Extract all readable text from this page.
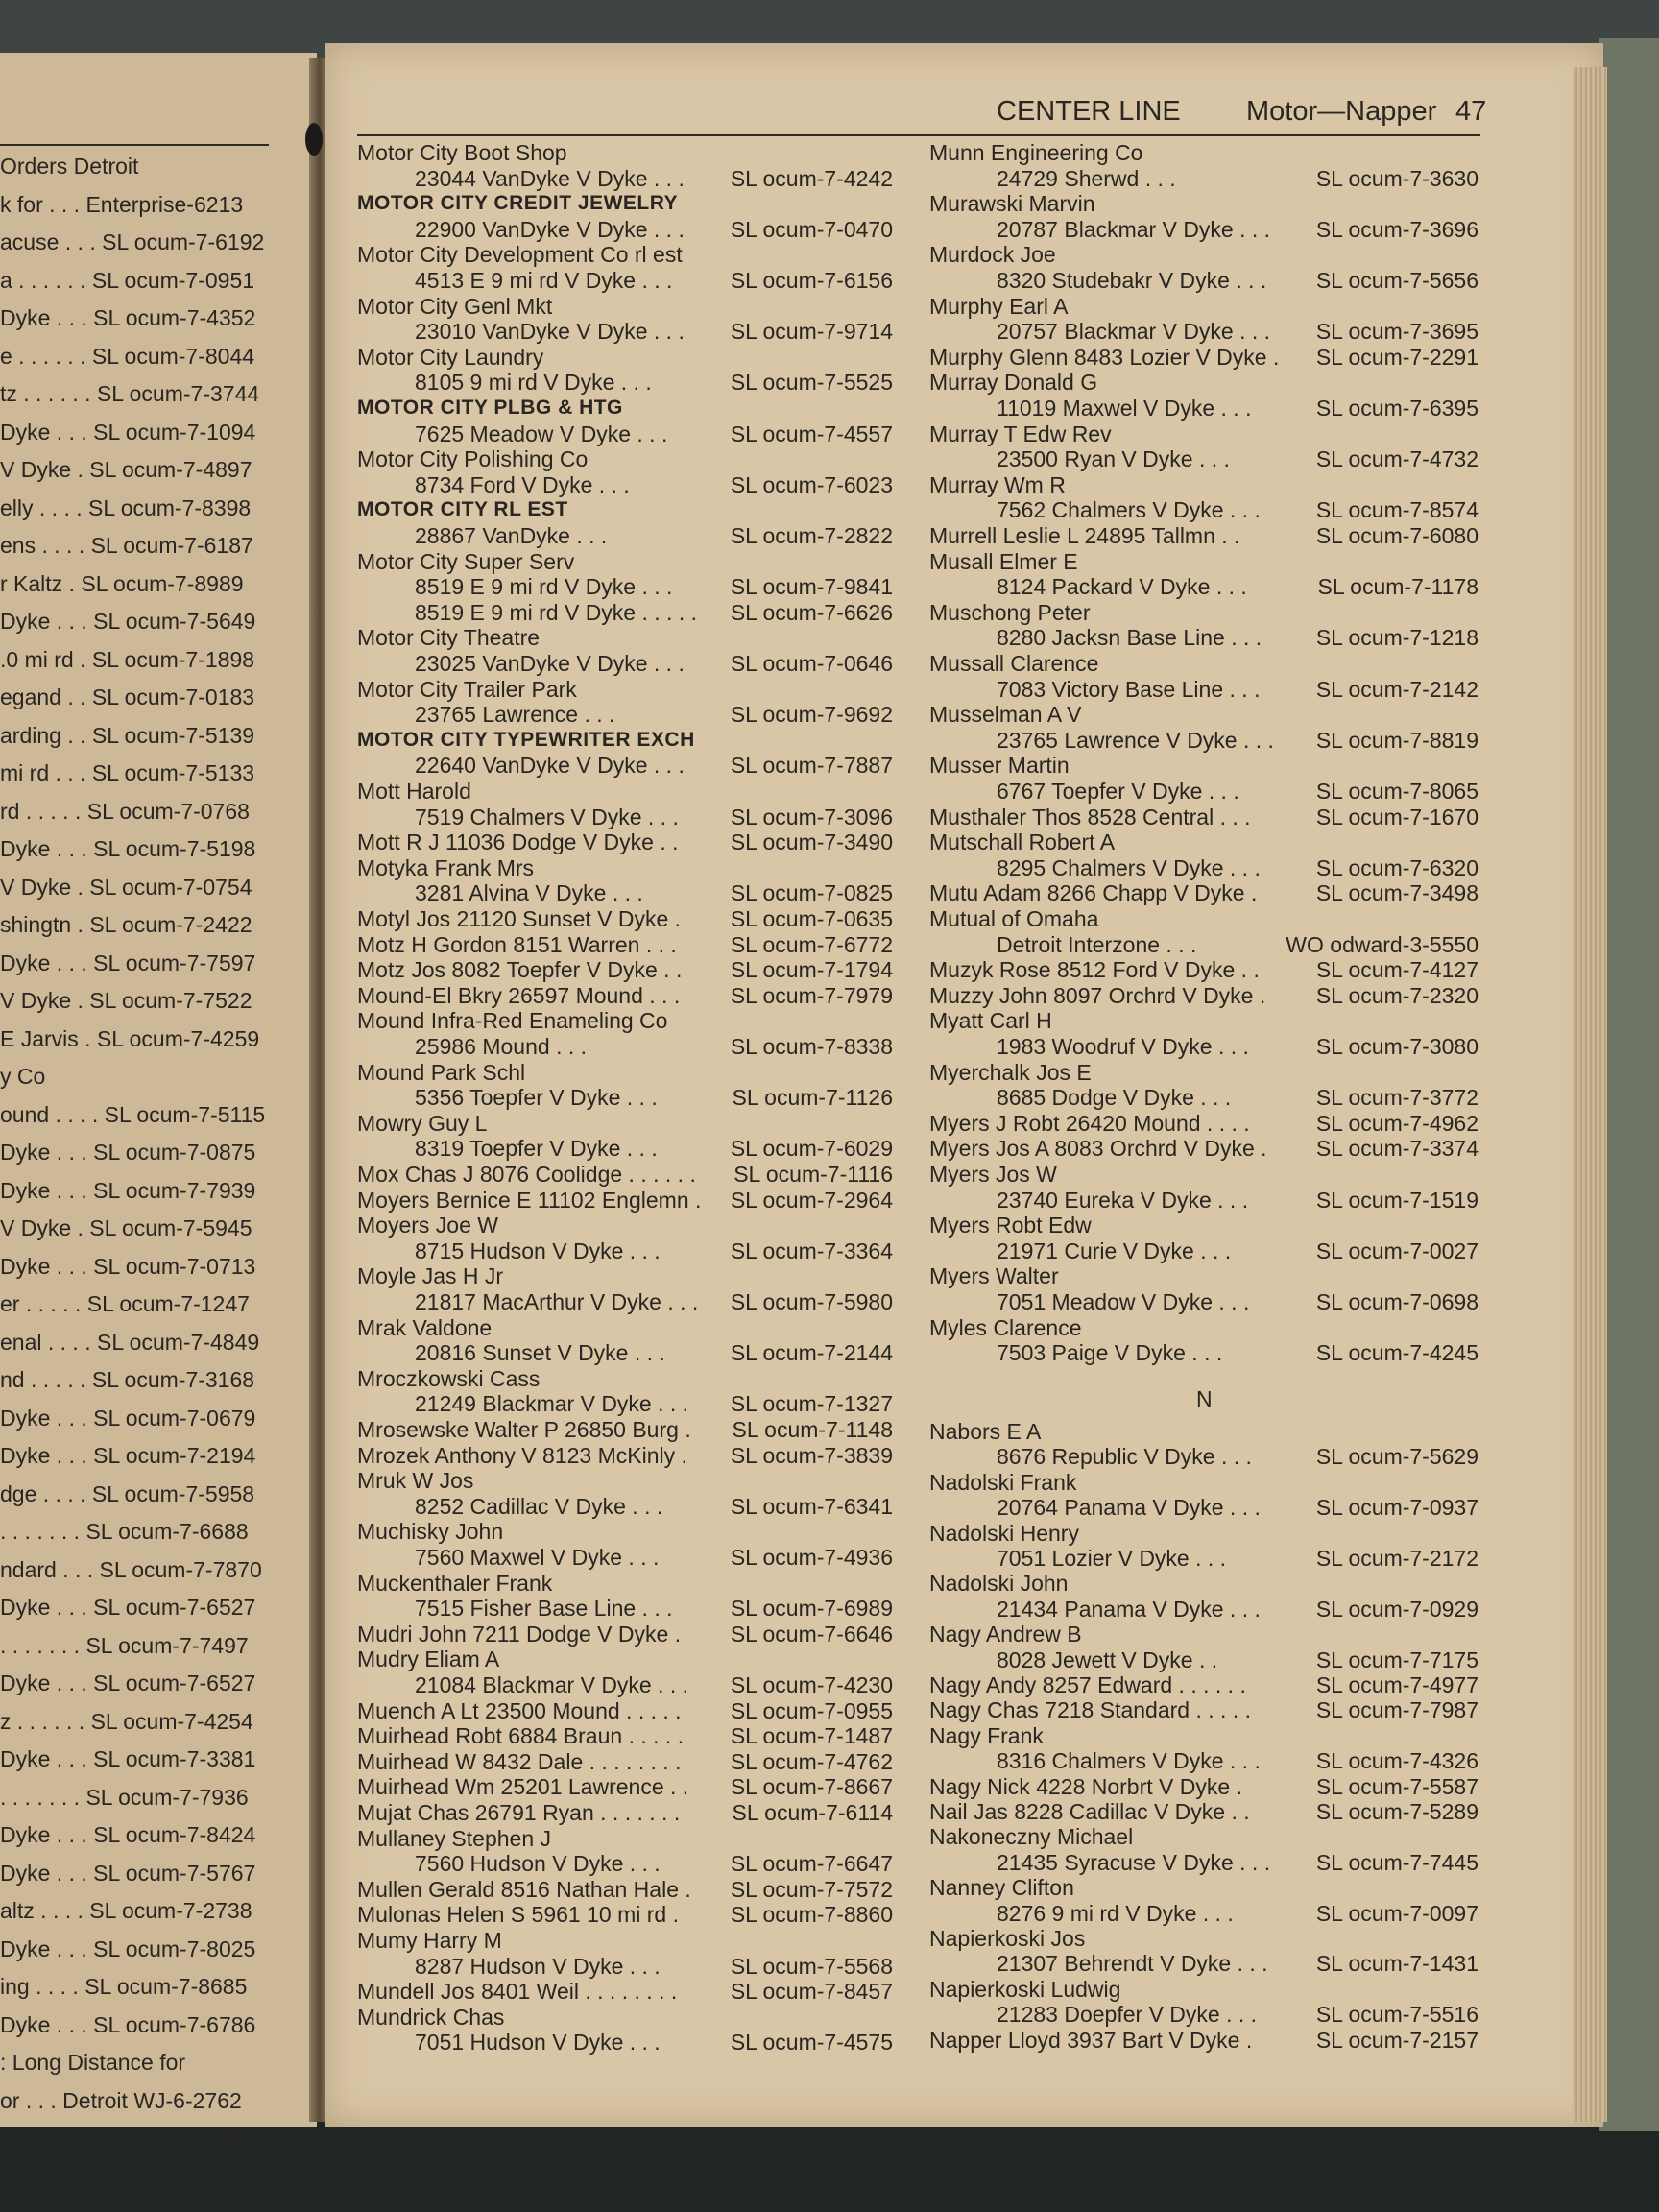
Orders Detroit
k for . . . Enterprise-6213
acuse . . . SL ocum-7-6192
a . . . . . . SL ocum-7-0951
Dyke . . . SL ocum-7-4352
e . . . . . . SL ocum-7-8044
tz . . . . . . SL ocum-7-3744
Dyke . . . SL ocum-7-1094
V Dyke . SL ocum-7-4897
elly . . . . SL ocum-7-8398
ens . . . . SL ocum-7-6187
r Kaltz . SL ocum-7-8989
Dyke . . . SL ocum-7-5649
.0 mi rd . SL ocum-7-1898
egand . . SL ocum-7-0183
arding . . SL ocum-7-5139
mi rd . . . SL ocum-7-5133
rd . . . . . SL ocum-7-0768
Dyke . . . SL ocum-7-5198
V Dyke . SL ocum-7-0754
shingtn . SL ocum-7-2422
Dyke . . . SL ocum-7-7597
V Dyke . SL ocum-7-7522
E Jarvis . SL ocum-7-4259
y Co
ound . . . . SL ocum-7-5115
Dyke . . . SL ocum-7-0875
Dyke . . . SL ocum-7-7939
V Dyke . SL ocum-7-5945
Dyke . . . SL ocum-7-0713
er . . . . . SL ocum-7-1247
enal . . . . SL ocum-7-4849
nd . . . . . SL ocum-7-3168
Dyke . . . SL ocum-7-0679
Dyke . . . SL ocum-7-2194
dge . . . . SL ocum-7-5958
. . . . . . . SL ocum-7-6688
ndard . . . SL ocum-7-7870
Dyke . . . SL ocum-7-6527
. . . . . . . SL ocum-7-7497
Dyke . . . SL ocum-7-6527
z . . . . . . SL ocum-7-4254
Dyke . . . SL ocum-7-3381
. . . . . . . SL ocum-7-7936
Dyke . . . SL ocum-7-8424
Dyke . . . SL ocum-7-5767
altz . . . . SL ocum-7-2738
Dyke . . . SL ocum-7-8025
ing . . . . SL ocum-7-8685
Dyke . . . SL ocum-7-6786
: Long Distance for
or . . . Detroit WJ-6-2762
Line . . . SL ocum-7-9666
CENTER LINE Motor—Napper 47
Motor City Boot Shop
23044 VanDyke V Dyke . . . SL ocum-7-4242
MOTOR CITY CREDIT JEWELRY
22900 VanDyke V Dyke . . . SL ocum-7-0470
Motor City Development Co rl est
4513 E 9 mi rd V Dyke . . .	SL ocum-7-6156
Motor City Genl Mkt
23010 VanDyke V Dyke . . . SL ocum-7-9714
Motor City Laundry
8105 9 mi rd V Dyke . . .	SL ocum-7-5525
MOTOR CITY PLBG & HTG
7625 Meadow V Dyke . . .	SL ocum-7-4557
Motor City Polishing Co
8734 Ford V Dyke . . .	SL ocum-7-6023
MOTOR CITY RL EST
28867 VanDyke . . .	SL ocum-7-2822
Motor City Super Serv
8519 E 9 mi rd V Dyke . . .	SL ocum-7-9841
8519 E 9 mi rd V Dyke . . . . . SL ocum-7-6626
Motor City Theatre
23025 VanDyke V Dyke . . . SL ocum-7-0646
Motor City Trailer Park
23765 Lawrence . . .	SL ocum-7-9692
MOTOR CITY TYPEWRITER EXCH
22640 VanDyke V Dyke . . . SL ocum-7-7887
Mott Harold
7519 Chalmers V Dyke . . . SL ocum-7-3096
Mott R J 11036 Dodge V Dyke . . SL ocum-7-3490
Motyka Frank Mrs
3281 Alvina V Dyke . . .	SL ocum-7-0825
Motyl Jos 21120 Sunset V Dyke . SL ocum-7-0635
Motz H Gordon 8151 Warren . . . SL ocum-7-6772
Motz Jos 8082 Toepfer V Dyke . . SL ocum-7-1794
Mound-El Bkry 26597 Mound . . . SL ocum-7-7979
Mound Infra-Red Enameling Co
25986 Mound . . .	SL ocum-7-8338
Mound Park Schl
5356 Toepfer V Dyke . . .	SL ocum-7-1126
Mowry Guy L
8319 Toepfer V Dyke . . .	SL ocum-7-6029
Mox Chas J 8076 Coolidge . . . . . . SL ocum-7-1116
Moyers Bernice E 11102 Englemn . SL ocum-7-2964
Moyers Joe W
8715 Hudson V Dyke . . .	SL ocum-7-3364
Moyle Jas H Jr
21817 MacArthur V Dyke . . . SL ocum-7-5980
Mrak Valdone
20816 Sunset V Dyke . . .	SL ocum-7-2144
Mroczkowski Cass
21249 Blackmar V Dyke . . . SL ocum-7-1327
Mrosewske Walter P 26850 Burg . SL ocum-7-1148
Mrozek Anthony V 8123 McKinly . SL ocum-7-3839
Mruk W Jos
8252 Cadillac V Dyke . . .	SL ocum-7-6341
Muchisky John
7560 Maxwel V Dyke . . .	SL ocum-7-4936
Muckenthaler Frank
7515 Fisher Base Line . . .	SL ocum-7-6989
Mudri John 7211 Dodge V Dyke . SL ocum-7-6646
Mudry Eliam A
21084 Blackmar V Dyke . . . SL ocum-7-4230
Muench A Lt 23500 Mound . . . . . SL ocum-7-0955
Muirhead Robt 6884 Braun . . . . . SL ocum-7-1487
Muirhead W 8432 Dale . . . . . . . . SL ocum-7-4762
Muirhead Wm 25201 Lawrence . . SL ocum-7-8667
Mujat Chas 26791 Ryan . . . . . . . SL ocum-7-6114
Mullaney Stephen J
7560 Hudson V Dyke . . .	SL ocum-7-6647
Mullen Gerald 8516 Nathan Hale . SL ocum-7-7572
Mulonas Helen S 5961 10 mi rd . SL ocum-7-8860
Mumy Harry M
8287 Hudson V Dyke . . .	SL ocum-7-5568
Mundell Jos 8401 Weil . . . . . . . . SL ocum-7-8457
Mundrick Chas
7051 Hudson V Dyke . . .	SL ocum-7-4575
Munn Engineering Co
24729 Sherwd . . .	SL ocum-7-3630
Murawski Marvin
20787 Blackmar V Dyke . . . SL ocum-7-3696
Murdock Joe
8320 Studebakr V Dyke . . . SL ocum-7-5656
Murphy Earl A
20757 Blackmar V Dyke . . . SL ocum-7-3695
Murphy Glenn 8483 Lozier V Dyke . SL ocum-7-2291
Murray Donald G
11019 Maxwel V Dyke . . .	SL ocum-7-6395
Murray T Edw Rev
23500 Ryan V Dyke . . .	SL ocum-7-4732
Murray Wm R
7562 Chalmers V Dyke . . .	SL ocum-7-8574
Murrell Leslie L 24895 Tallmn . .	SL ocum-7-6080
Musall Elmer E
8124 Packard V Dyke . . .	SL ocum-7-1178
Muschong Peter
8280 Jacksn Base Line . . . SL ocum-7-1218
Mussall Clarence
7083 Victory Base Line . . .	SL ocum-7-2142
Musselman A V
23765 Lawrence V Dyke . . . SL ocum-7-8819
Musser Martin
6767 Toepfer V Dyke . . .	SL ocum-7-8065
Musthaler Thos 8528 Central . . .	SL ocum-7-1670
Mutschall Robert A
8295 Chalmers V Dyke . . .	SL ocum-7-6320
Mutu Adam 8266 Chapp V Dyke .	SL ocum-7-3498
Mutual of Omaha
Detroit Interzone . . .	WO odward-3-5550
Muzyk Rose 8512 Ford V Dyke . .	SL ocum-7-4127
Muzzy John 8097 Orchrd V Dyke . SL ocum-7-2320
Myatt Carl H
1983 Woodruf V Dyke . . .	SL ocum-7-3080
Myerchalk Jos E
8685 Dodge V Dyke . . .	SL ocum-7-3772
Myers J Robt 26420 Mound . . . .	SL ocum-7-4962
Myers Jos A 8083 Orchrd V Dyke . SL ocum-7-3374
Myers Jos W
23740 Eureka V Dyke . . .	SL ocum-7-1519
Myers Robt Edw
21971 Curie V Dyke . . .	SL ocum-7-0027
Myers Walter
7051 Meadow V Dyke . . .	SL ocum-7-0698
Myles Clarence
7503 Paige V Dyke . . .	SL ocum-7-4245
N
Nabors E A
8676 Republic V Dyke . . .	SL ocum-7-5629
Nadolski Frank
20764 Panama V Dyke . . .	SL ocum-7-0937
Nadolski Henry
7051 Lozier V Dyke . . .	SL ocum-7-2172
Nadolski John
21434 Panama V Dyke . . .	SL ocum-7-0929
Nagy Andrew B
8028 Jewett V Dyke . .	SL ocum-7-7175
Nagy Andy 8257 Edward . . . . . .	SL ocum-7-4977
Nagy Chas 7218 Standard . . . . .	SL ocum-7-7987
Nagy Frank
8316 Chalmers V Dyke . . .	SL ocum-7-4326
Nagy Nick 4228 Norbrt V Dyke .	SL ocum-7-5587
Nail Jas 8228 Cadillac V Dyke . .	SL ocum-7-5289
Nakoneczny Michael
21435 Syracuse V Dyke . . . SL ocum-7-7445
Nanney Clifton
8276 9 mi rd V Dyke . . .	SL ocum-7-0097
Napierkoski Jos
21307 Behrendt V Dyke . . . SL ocum-7-1431
Napierkoski Ludwig
21283 Doepfer V Dyke . . .	SL ocum-7-5516
Napper Lloyd 3937 Bart V Dyke .	SL ocum-7-2157
